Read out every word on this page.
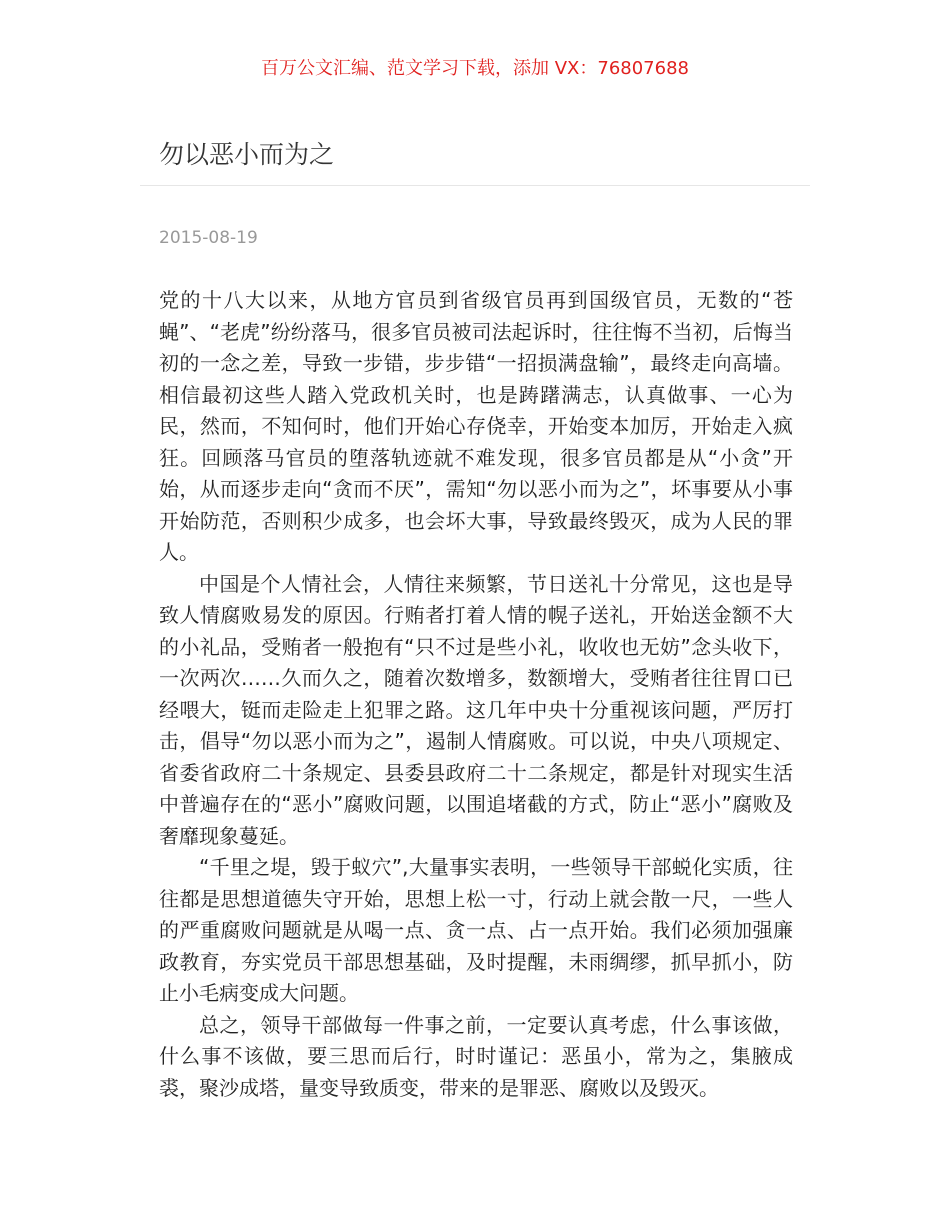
百万公文汇编、范文学习下载，添加 VX：76807688
勿以恶小而为之
2015-08-19

党的十八大以来，从地方官员到省级官员再到国级官员，无数的“苍蝇”、“老虎”纷纷落马，很多官员被司法起诉时，往往悔不当初，后悔当初的一念之差，导致一步错，步步错“一招损满盘输”，最终走向高墙。相信最初这些人踏入党政机关时，也是踌躇满志，认真做事、一心为民，然而，不知何时，他们开始心存侥幸，开始变本加厉，开始走入疯狂。回顾落马官员的堕落轨迹就不难发现，很多官员都是从“小贪”开始，从而逐步走向“贪而不厌”，需知“勿以恶小而为之”，坏事要从小事开始防范，否则积少成多，也会坏大事，导致最终毁灭，成为人民的罪人。

中国是个人情社会，人情往来频繁，节日送礼十分常见，这也是导致人情腐败易发的原因。行贿者打着人情的幌子送礼，开始送金额不大的小礼品，受贿者一般抱有“只不过是些小礼，收收也无妨”念头收下，一次两次……久而久之，随着次数增多，数额增大，受贿者往往胃口已经喂大，铤而走险走上犯罪之路。这几年中央十分重视该问题，严厉打击，倡导“勿以恶小而为之”，遏制人情腐败。可以说，中央八项规定、省委省政府二十条规定、县委县政府二十二条规定，都是针对现实生活中普遍存在的“恶小”腐败问题，以围追堵截的方式，防止“恶小”腐败及奢靡现象蔓延。

“千里之堤，毁于蚁穴”,大量事实表明，一些领导干部蜕化实质，往往都是思想道德失守开始，思想上松一寸，行动上就会散一尺，一些人的严重腐败问题就是从喝一点、贪一点、占一点开始。我们必须加强廉政教育，夯实党员干部思想基础，及时提醒，未雨绸缪，抓早抓小，防止小毛病变成大问题。

总之，领导干部做每一件事之前，一定要认真考虑，什么事该做，什么事不该做，要三思而后行，时时谨记：恶虽小，常为之，集腋成裘，聚沙成塔，量变导致质变，带来的是罪恶、腐败以及毁灭。
